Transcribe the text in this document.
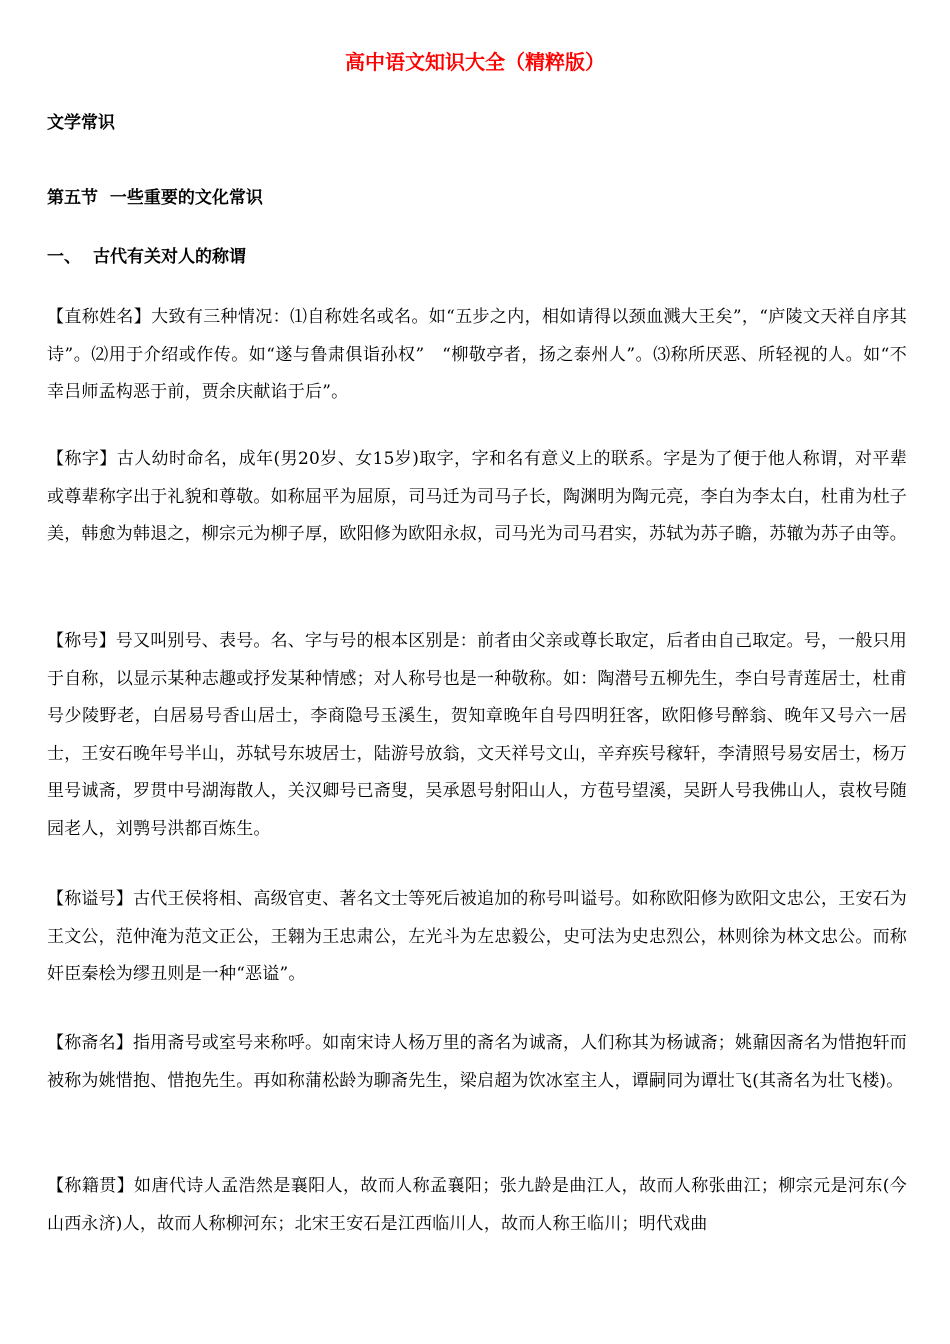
高中语文知识大全（精粹版）
文学常识
第五节  一些重要的文化常识
一、 古代有关对人的称谓
【直称姓名】大致有三种情况：⑴自称姓名或名。如“五步之内，相如请得以颈血溅大王矣”，“庐陵文天祥自序其诗”。⑵用于介绍或作传。如“遂与鲁肃俱诣孙权”　“柳敬亭者，扬之泰州人”。⑶称所厌恶、所轻视的人。如“不幸吕师孟构恶于前，贾余庆献谄于后”。
【称字】古人幼时命名，成年(男20岁、女15岁)取字，字和名有意义上的联系。字是为了便于他人称谓，对平辈或尊辈称字出于礼貌和尊敬。如称屈平为屈原，司马迁为司马子长，陶渊明为陶元亮，李白为李太白，杜甫为杜子美，韩愈为韩退之，柳宗元为柳子厚，欧阳修为欧阳永叔，司马光为司马君实，苏轼为苏子瞻，苏辙为苏子由等。
【称号】号又叫别号、表号。名、字与号的根本区别是：前者由父亲或尊长取定，后者由自己取定。号，一般只用于自称，以显示某种志趣或抒发某种情感；对人称号也是一种敬称。如：陶潜号五柳先生，李白号青莲居士，杜甫号少陵野老，白居易号香山居士，李商隐号玉溪生，贺知章晚年自号四明狂客，欧阳修号醉翁、晚年又号六一居士，王安石晚年号半山，苏轼号东坡居士，陆游号放翁，文天祥号文山，辛弃疾号稼轩，李清照号易安居士，杨万里号诚斋，罗贯中号湖海散人，关汉卿号已斋叟，吴承恩号射阳山人，方苞号望溪，吴趼人号我佛山人，袁枚号随园老人，刘鹗号洪都百炼生。
【称谥号】古代王侯将相、高级官吏、著名文士等死后被追加的称号叫谥号。如称欧阳修为欧阳文忠公，王安石为王文公，范仲淹为范文正公，王翱为王忠肃公，左光斗为左忠毅公，史可法为史忠烈公，林则徐为林文忠公。而称奸臣秦桧为缪丑则是一种“恶谥”。
【称斋名】指用斋号或室号来称呼。如南宋诗人杨万里的斋名为诚斋，人们称其为杨诚斋；姚鼐因斋名为惜抱轩而被称为姚惜抱、惜抱先生。再如称蒲松龄为聊斋先生，梁启超为饮冰室主人，谭嗣同为谭壮飞(其斋名为壮飞楼)。
【称籍贯】如唐代诗人孟浩然是襄阳人，故而人称孟襄阳；张九龄是曲江人，故而人称张曲江；柳宗元是河东(今山西永济)人，故而人称柳河东；北宋王安石是江西临川人，故而人称王临川；明代戏曲
